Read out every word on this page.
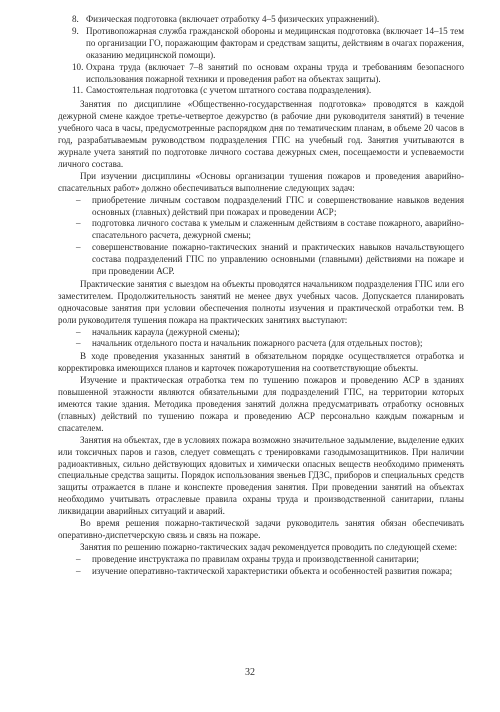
8. Физическая подготовка (включает отработку 4–5 физических упражнений).
9. Противопожарная служба гражданской обороны и медицинская подготовка (включает 14–15 тем по организации ГО, поражающим факторам и средствам защиты, действиям в очагах поражения, оказанию медицинской помощи).
10. Охрана труда (включает 7–8 занятий по основам охраны труда и требованиям безопасного использования пожарной техники и проведения работ на объектах защиты).
11. Самостоятельная подготовка (с учетом штатного состава подразделения).

Занятия по дисциплине «Общественно-государственная подготовка» проводятся в каждой дежурной смене каждое третье-четвертое дежурство (в рабочие дни руководителя занятий) в течение учебного часа в часы, предусмотренные распорядком дня по тематическим планам, в объеме 20 часов в год, разрабатываемым руководством подразделения ГПС на учебный год. Занятия учитываются в журнале учета занятий по подготовке личного состава дежурных смен, посещаемости и успеваемости личного состава.

При изучении дисциплины «Основы организации тушения пожаров и проведения аварийно-спасательных работ» должно обеспечиваться выполнение следующих задач:

– приобретение личным составом подразделений ГПС и совершенствование навыков ведения основных (главных) действий при пожарах и проведении АСР;
– подготовка личного состава к умелым и слаженным действиям в составе пожарного, аварийно-спасательного расчета, дежурной смены;
– совершенствование пожарно-тактических знаний и практических навыков начальствующего состава подразделений ГПС по управлению основными (главными) действиями на пожаре и при проведении АСР.

Практические занятия с выездом на объекты проводятся начальником подразделения ГПС или его заместителем. Продолжительность занятий не менее двух учебных часов. Допускается планировать одночасовые занятия при условии обеспечения полноты изучения и практической отработки тем. В роли руководителя тушения пожара на практических занятиях выступают:

– начальник караула (дежурной смены);
– начальник отдельного поста и начальник пожарного расчета (для отдельных постов);

В ходе проведения указанных занятий в обязательном порядке осуществляется отработка и корректировка имеющихся планов и карточек пожаротушения на соответствующие объекты.

Изучение и практическая отработка тем по тушению пожаров и проведению АСР в зданиях повышенной этажности являются обязательными для подразделений ГПС, на территории которых имеются такие здания. Методика проведения занятий должна предусматривать отработку основных (главных) действий по тушению пожара и проведению АСР персонально каждым пожарным и спасателем.

Занятия на объектах, где в условиях пожара возможно значительное задымление, выделение едких или токсичных паров и газов, следует совмещать с тренировками газодымозащитников. При наличии радиоактивных, сильно действующих ядовитых и химически опасных веществ необходимо применять специальные средства защиты. Порядок использования звеньев ГДЗС, приборов и специальных средств защиты отражается в плане и конспекте проведения занятия. При проведении занятий на объектах необходимо учитывать отраслевые правила охраны труда и производственной санитарии, планы ликвидации аварийных ситуаций и аварий.

Во время решения пожарно-тактической задачи руководитель занятия обязан обеспечивать оперативно-диспетчерскую связь и связь на пожаре.

Занятия по решению пожарно-тактических задач рекомендуется проводить по следующей схеме:

– проведение инструктажа по правилам охраны труда и производственной санитарии;
– изучение оперативно-тактической характеристики объекта и особенностей развития пожара;
32
